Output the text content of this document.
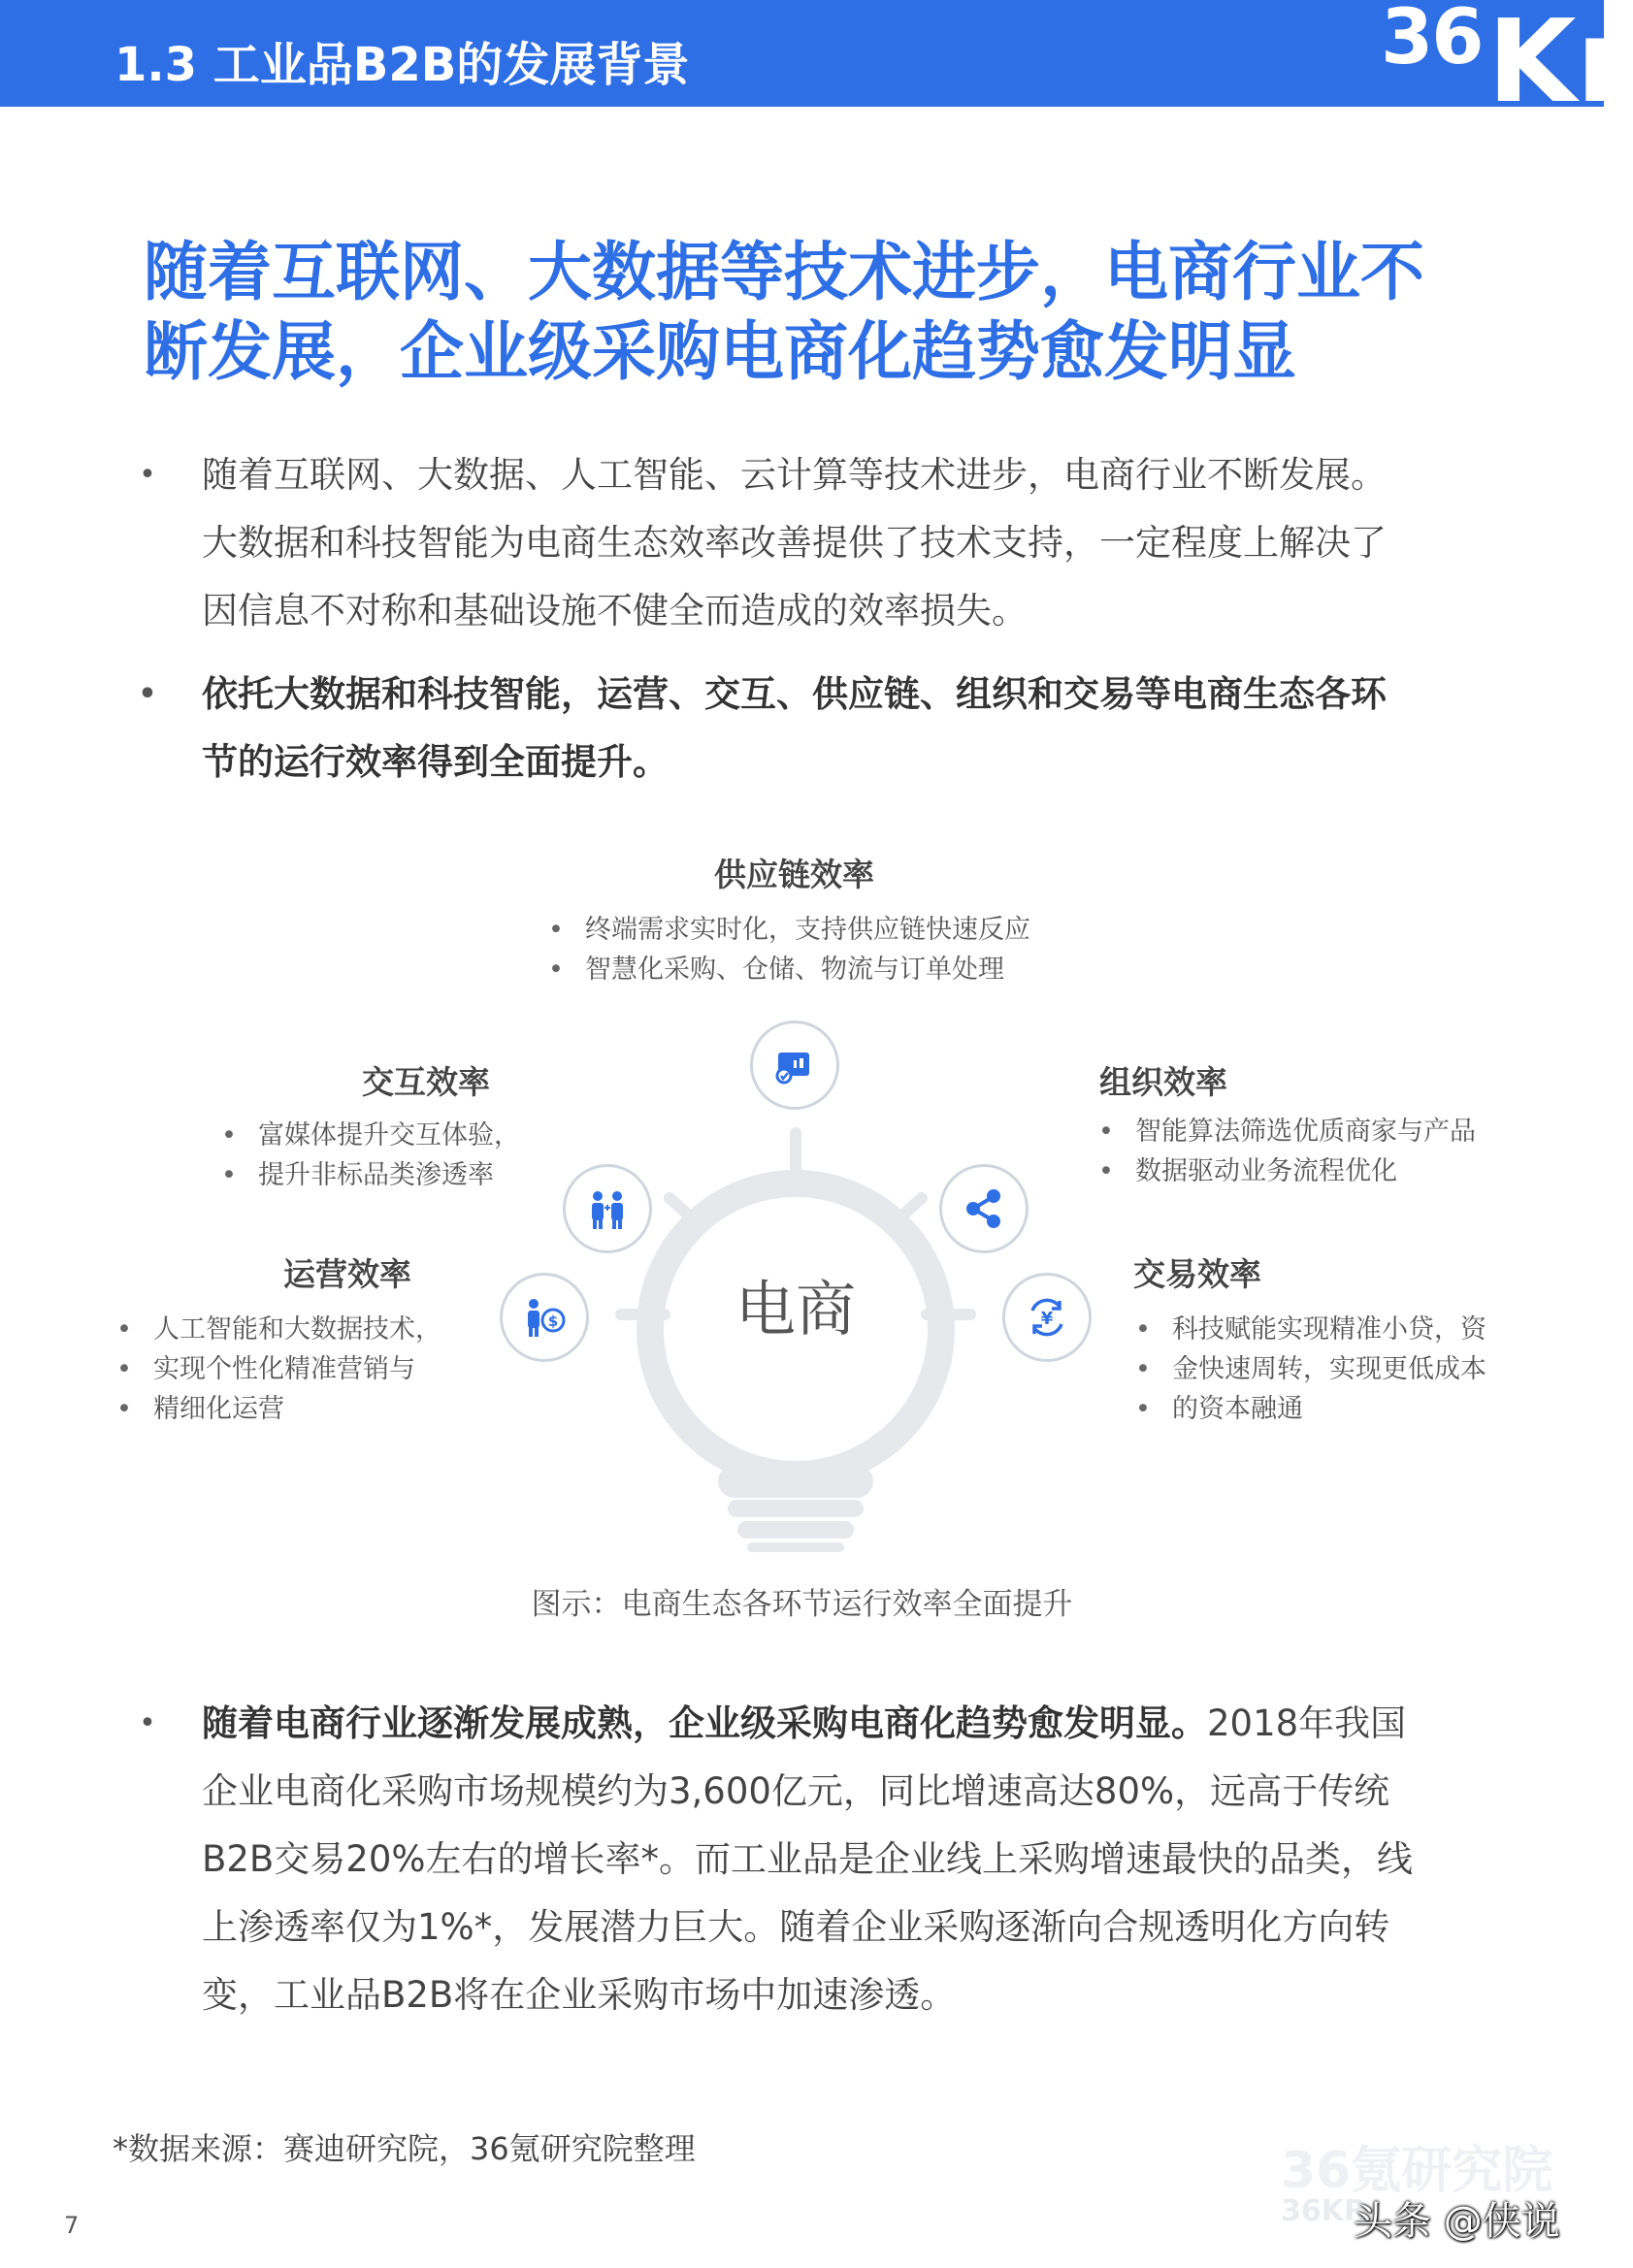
1.3 工业品B2B的发展背景	36 Kr
随着互联网、大数据等技术进步，电商行业不
断发展，企业级采购电商化趋势愈发明显
• 随着互联网、大数据、人工智能、云计算等技术进步，电商行业不断发展。
大数据和科技智能为电商生态效率改善提供了技术支持，一定程度上解决了
因信息不对称和基础设施不健全而造成的效率损失。
• 依托大数据和科技智能，运营、交互、供应链、组织和交易等电商生态各环
节的运行效率得到全面提升。
电商
供应链效率
• 终端需求实时化，支持供应链快速反应
• 智慧化采购、仓储、物流与订单处理
交互效率
• 富媒体提升交互体验，
• 提升非标品类渗透率
组织效率
• 智能算法筛选优质商家与产品
• 数据驱动业务流程优化
运营效率
• 人工智能和大数据技术，
• 实现个性化精准营销与
• 精细化运营
$
交易效率
• 科技赋能实现精准小贷，资
• 金快速周转，实现更低成本
• 的资本融通
¥
图示：电商生态各环节运行效率全面提升
• 随着电商行业逐渐发展成熟，企业级采购电商化趋势愈发明显。2018年我国
企业电商化采购市场规模约为3,600亿元，同比增速高达80%，远高于传统
B2B交易20%左右的增长率*。而工业品是企业线上采购增速最快的品类，线
上渗透率仅为1%*，发展潜力巨大。随着企业采购逐渐向合规透明化方向转
变，工业品B2B将在企业采购市场中加速渗透。
*数据来源：赛迪研究院，36氪研究院整理	36氪研究院
36KR
头条 @侠说
7
